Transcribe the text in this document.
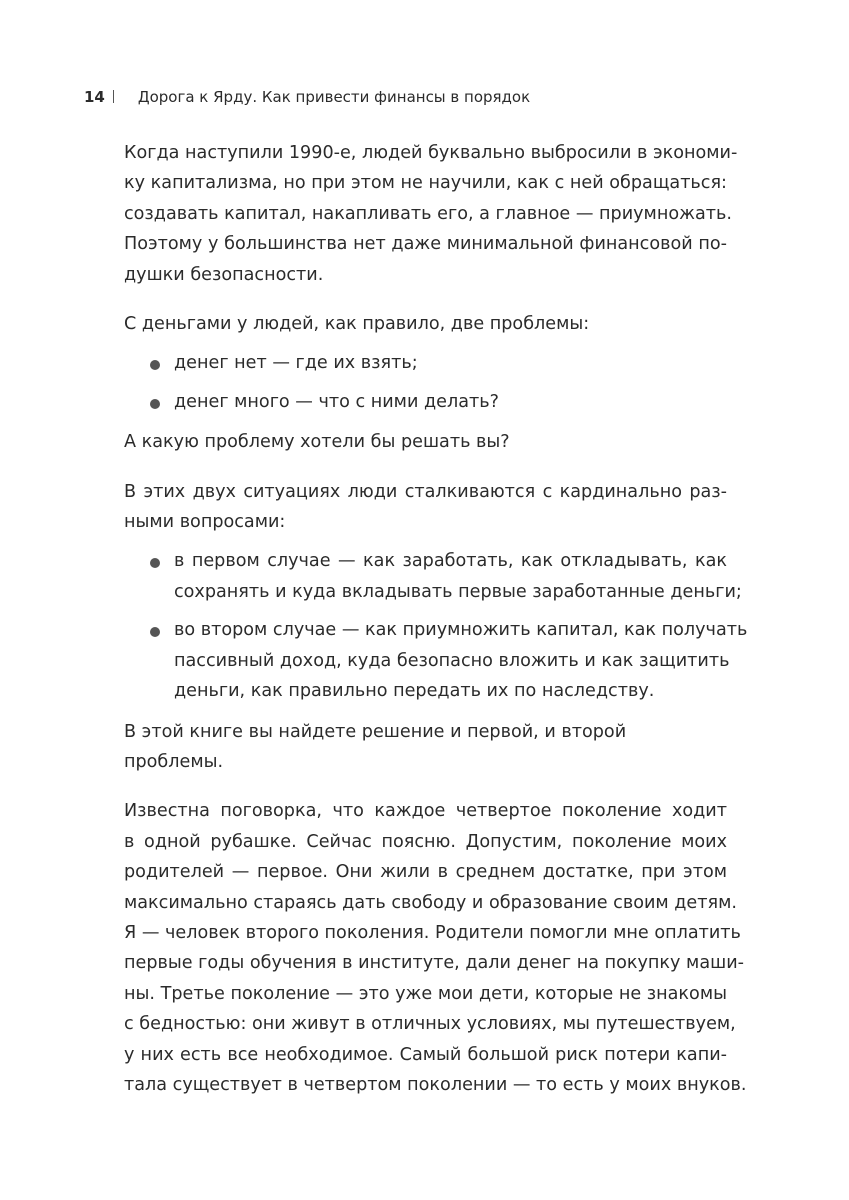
14 Дорога к Ярду. Как привести финансы в порядок

Когда наступили 1990-е, людей буквально выбросили в экономи-
ку капитализма, но при этом не научили, как с ней обращаться:
создавать капитал, накапливать его, а главное — приумножать.
Поэтому у большинства нет даже минимальной финансовой по-
душки безопасности.

С деньгами у людей, как правило, две проблемы:

денег нет — где их взять;
денег много — что с ними делать?

А какую проблему хотели бы решать вы?

В этих двух ситуациях люди сталкиваются с кардинально раз-
ными вопросами:

в первом случае — как заработать, как откладывать, как
сохранять и куда вкладывать первые заработанные деньги;
во втором случае — как приумножить капитал, как получать
пассивный доход, куда безопасно вложить и как защитить
деньги, как правильно передать их по наследству.

В этой книге вы найдете решение и первой, и второй проблемы.

Известна поговорка, что каждое четвертое поколение ходит
в одной рубашке. Сейчас поясню. Допустим, поколение моих
родителей — первое. Они жили в среднем достатке, при этом
максимально стараясь дать свободу и образование своим детям.
Я — человек второго поколения. Родители помогли мне оплатить
первые годы обучения в институте, дали денег на покупку маши-
ны. Третье поколение — это уже мои дети, которые не знакомы
с бедностью: они живут в отличных условиях, мы путешествуем,
у них есть все необходимое. Самый большой риск потери капи-
тала существует в четвертом поколении — то есть у моих внуков.
